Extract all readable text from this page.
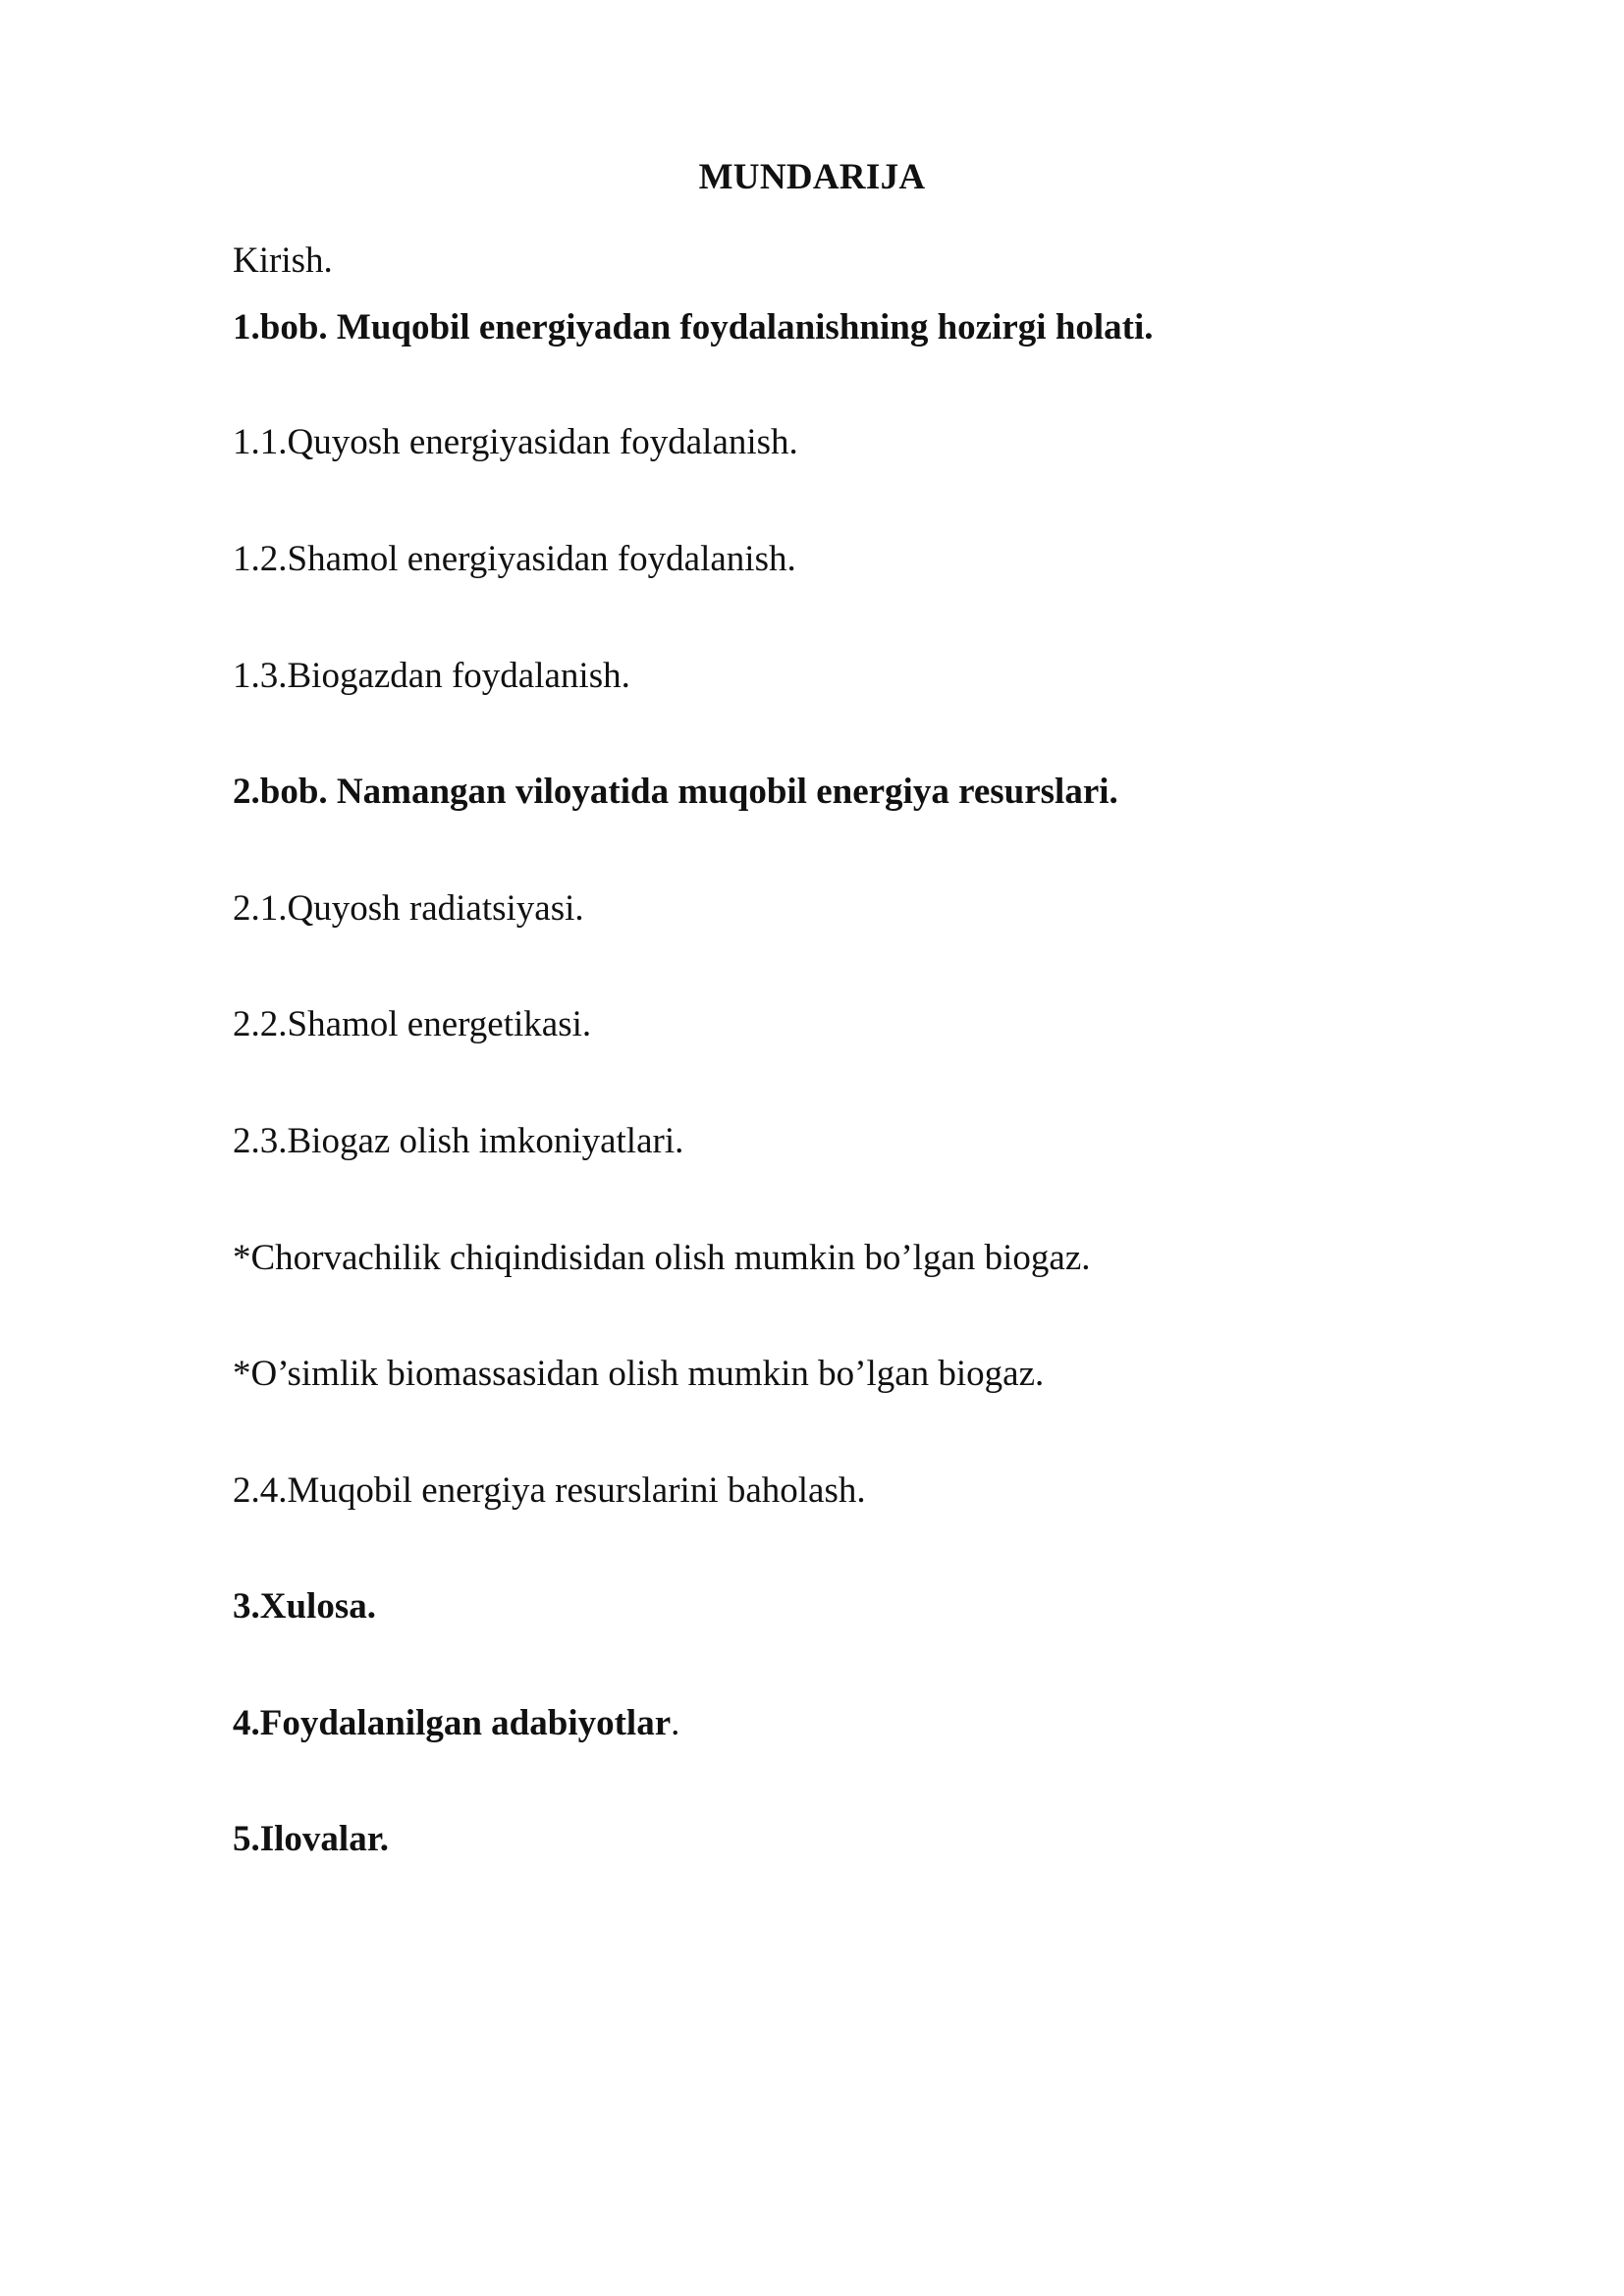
MUNDARIJA
Kirish.
1.bob. Muqobil energiyadan foydalanishning hozirgi holati.
1.1.Quyosh energiyasidan foydalanish.
1.2.Shamol energiyasidan foydalanish.
1.3.Biogazdan foydalanish.
2.bob. Namangan viloyatida muqobil energiya resurslari.
2.1.Quyosh radiatsiyasi.
2.2.Shamol energetikasi.
2.3.Biogaz olish imkoniyatlari.
*Chorvachilik chiqindisidan olish mumkin bo’lgan biogaz.
*O’simlik biomassasidan olish mumkin bo’lgan biogaz.
2.4.Muqobil energiya resurslarini baholash.
3.Xulosa.
4.Foydalanilgan adabiyotlar.
5.Ilovalar.
